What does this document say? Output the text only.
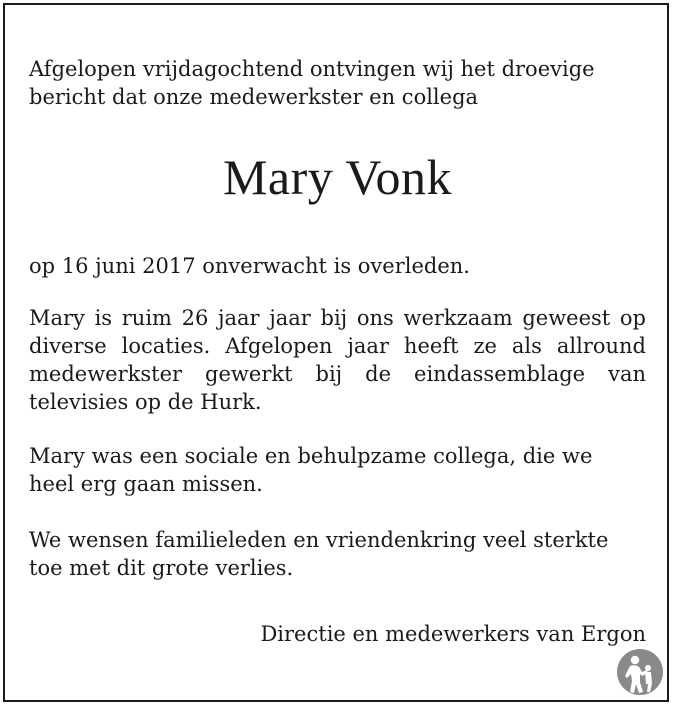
Afgelopen vrijdagochtend ontvingen wij het droevige
bericht dat onze medewerkster en collega

Mary Vonk

op 16 juni 2017 onverwacht is overleden.

Mary is ruim 26 jaar jaar bij ons werkzaam geweest op diverse locaties. Afgelopen jaar heeft ze als allround medewerkster gewerkt bij de eindassemblage van televisies op de Hurk.

Mary was een sociale en behulpzame collega, die we
heel erg gaan missen.

We wensen familieleden en vriendenkring veel sterkte
toe met dit grote verlies.

Directie en medewerkers van Ergon
